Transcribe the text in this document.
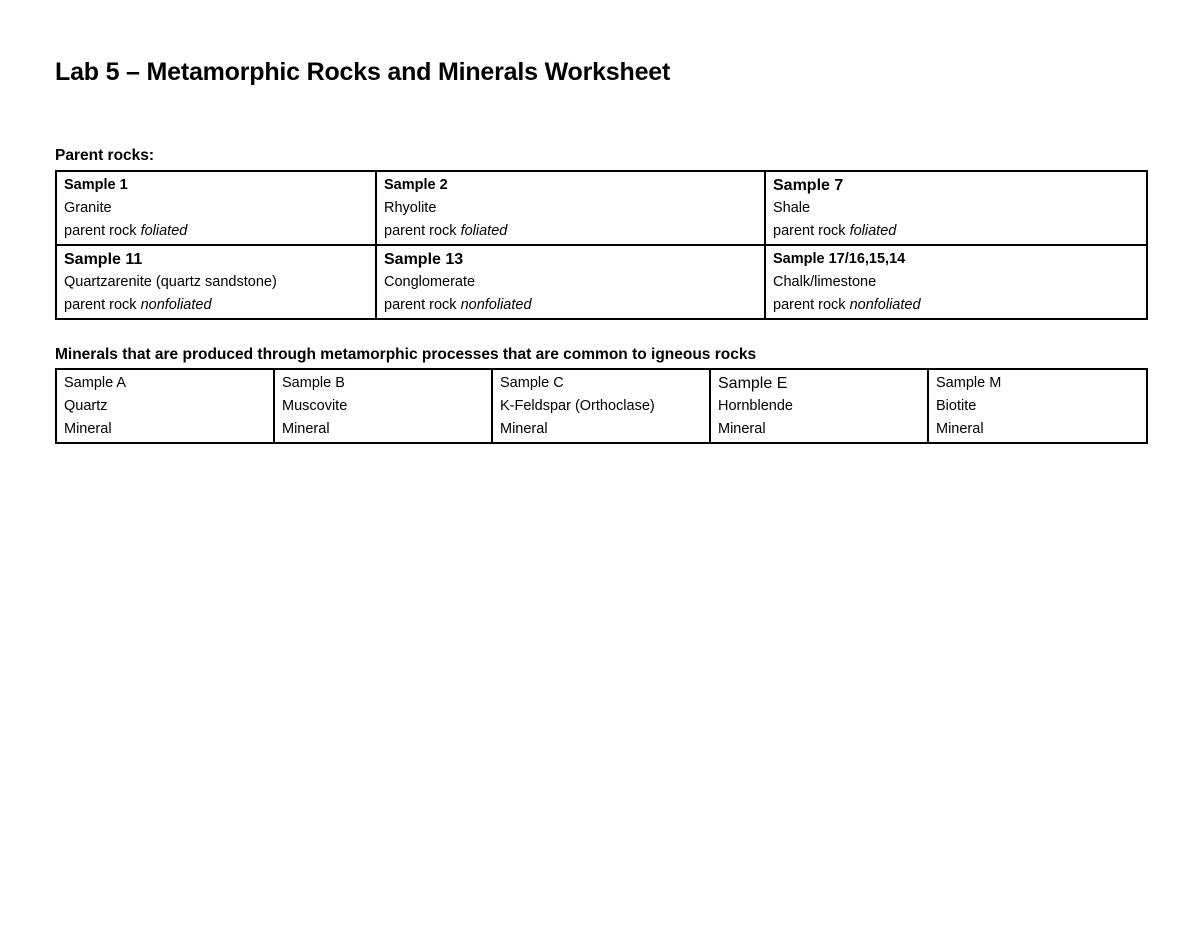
Lab 5 – Metamorphic Rocks and Minerals Worksheet
Parent rocks:
Sample 1
Granite
parent rock foliated	Sample 2
Rhyolite
parent rock foliated	Sample 7
Shale
parent rock foliated

Sample 11
Quartzarenite (quartz sandstone)
parent rock nonfoliated	Sample 13
Conglomerate
parent rock nonfoliated	Sample 17/16,15,14
Chalk/limestone
parent rock nonfoliated
Minerals that are produced through metamorphic processes that are common to igneous rocks
Sample A
Quartz
Mineral

Sample B
Muscovite
Mineral

Sample C
K-Feldspar (Orthoclase)
Mineral

Sample E
Hornblende
Mineral

Sample M
Biotite
Mineral
